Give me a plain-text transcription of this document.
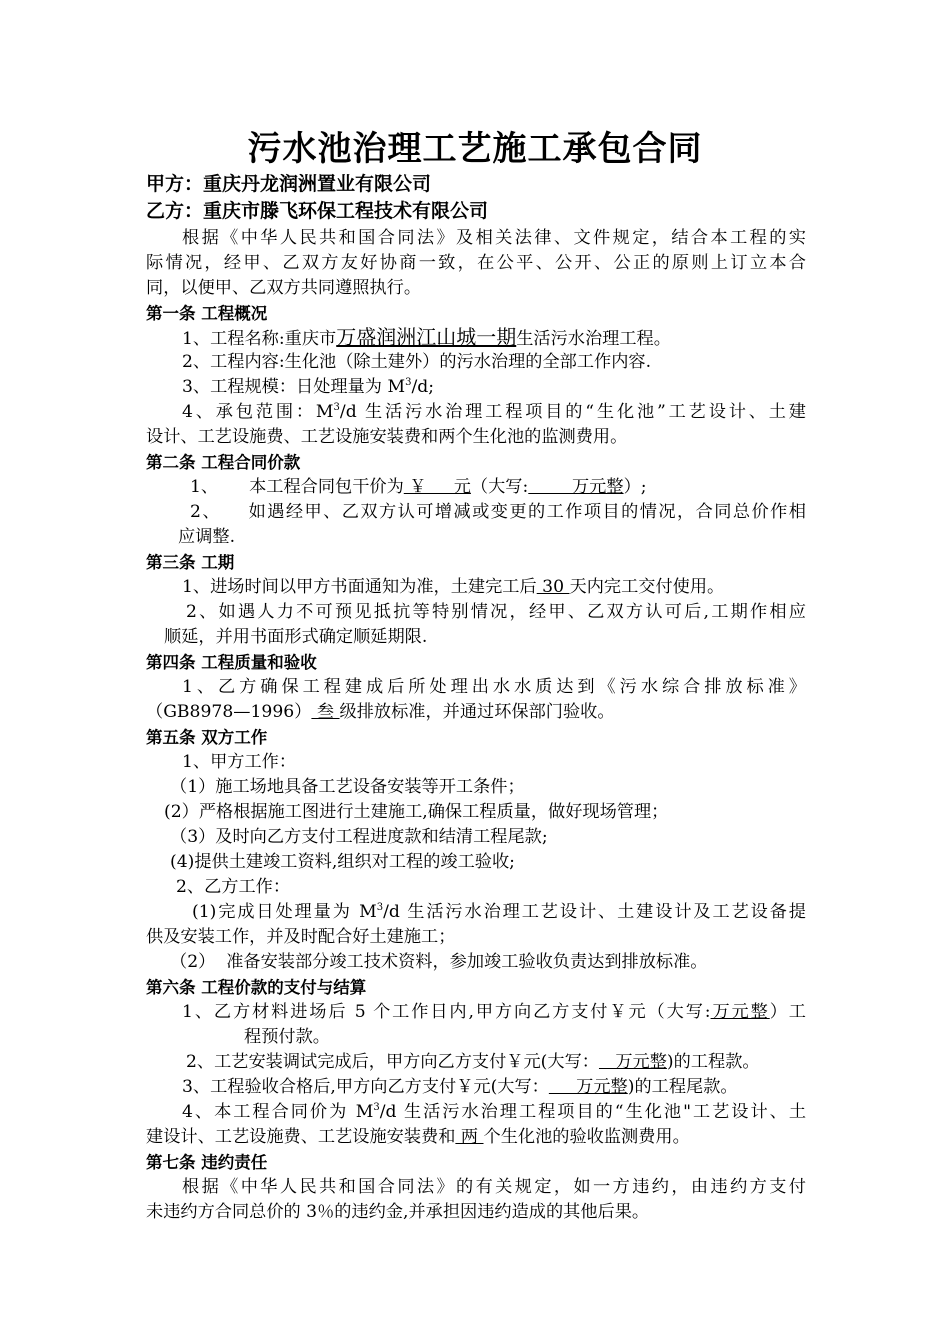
污水池治理工艺施工承包合同
甲方：重庆丹龙润洲置业有限公司
乙方：重庆市滕飞环保工程技术有限公司
根据《中华人民共和国合同法》及相关法律、文件规定，结合本工程的实
际情况，经甲、乙双方友好协商一致，在公平、公开、公正的原则上订立本合
同，以便甲、乙双方共同遵照执行。
第一条 工程概况
1、工程名称:重庆市万盛润洲江山城一期生活污水治理工程。
2、工程内容:生化池（除土建外）的污水治理的全部工作内容.
3、工程规模：日处理量为 $M^3/d$;
4、承包范围：$M^3/d$ 生活污水治理工程项目的“生化池”工艺设计、土建
设计、工艺设施费、工艺设施安装费和两个生化池的监测费用。
第二条 工程合同价款
1、 本工程合同包干价为 ￥     元（大写:        万元整）;
2、    如遇经甲、乙双方认可增减或变更的工作项目的情况，合同总价作相
应调整.
第三条 工期
1、进场时间以甲方书面通知为准，土建完工后 30 天内完工交付使用。
2、如遇人力不可预见抵抗等特别情况，经甲、乙双方认可后,工期作相应
顺延，并用书面形式确定顺延期限.
第四条 工程质量和验收
1、乙方确保工程建成后所处理出水水质达到《污水综合排放标准》
（GB8978—1996） 叁 级排放标准，并通过环保部门验收。
第五条 双方工作
1、甲方工作：
（1）施工场地具备工艺设备安装等开工条件；
(2）严格根据施工图进行土建施工,确保工程质量，做好现场管理；
（3）及时向乙方支付工程进度款和结清工程尾款;
(4)提供土建竣工资料,组织对工程的竣工验收;
2、乙方工作：
(1)完成日处理量为 $M^3/d$ 生活污水治理工艺设计、土建设计及工艺设备提
供及安装工作，并及时配合好土建施工；
（2）  准备安装部分竣工技术资料，参加竣工验收负责达到排放标准。
第六条 工程价款的支付与结算
1、乙方材料进场后 5 个工作日内,甲方向乙方支付￥元（大写:万元整）工
程预付款。
2、工艺安装调试完成后，甲方向乙方支付￥元(大写：   万元整)的工程款。
3、工程验收合格后,甲方向乙方支付￥元(大写：     万元整)的工程尾款。
4、本工程合同价为 $M^3/d$ 生活污水治理工程项目的“生化池"工艺设计、土
建设计、工艺设施费、工艺设施安装费和 两 个生化池的验收监测费用。
第七条 违约责任
根据《中华人民共和国合同法》的有关规定，如一方违约，由违约方支付
未违约方合同总价的 3％的违约金,并承担因违约造成的其他后果。
